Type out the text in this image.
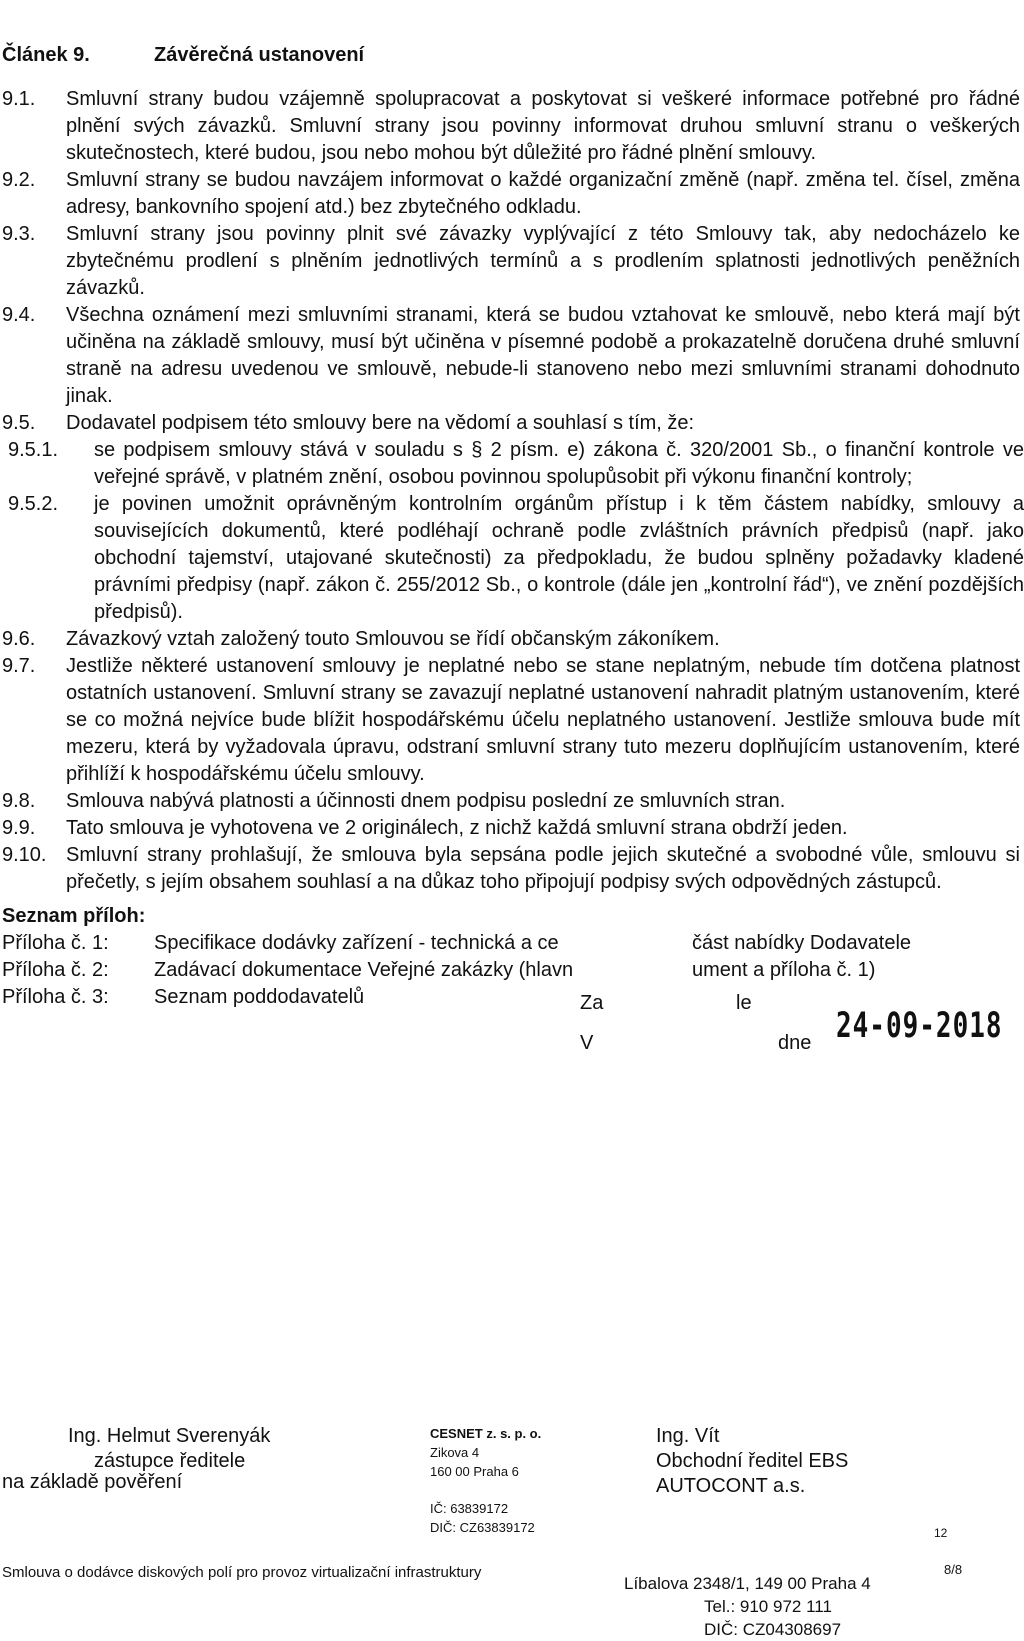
Článek 9.	Závěrečná ustanovení
9.1.	Smluvní strany budou vzájemně spolupracovat a poskytovat si veškeré informace potřebné pro řádné plnění svých závazků. Smluvní strany jsou povinny informovat druhou smluvní stranu o veškerých skutečnostech, které budou, jsou nebo mohou být důležité pro řádné plnění smlouvy.
9.2.	Smluvní strany se budou navzájem informovat o každé organizační změně (např. změna tel. čísel, změna adresy, bankovního spojení atd.) bez zbytečného odkladu.
9.3.	Smluvní strany jsou povinny plnit své závazky vyplývající z této Smlouvy tak, aby nedocházelo ke zbytečnému prodlení s plněním jednotlivých termínů a s prodlením splatnosti jednotlivých peněžních závazků.
9.4.	Všechna oznámení mezi smluvními stranami, která se budou vztahovat ke smlouvě, nebo která mají být učiněna na základě smlouvy, musí být učiněna v písemné podobě a prokazatelně doručena druhé smluvní straně na adresu uvedenou ve smlouvě, nebude-li stanoveno nebo mezi smluvními stranami dohodnuto jinak.
9.5.	Dodavatel podpisem této smlouvy bere na vědomí a souhlasí s tím, že:
9.5.1.	se podpisem smlouvy stává v souladu s § 2 písm. e) zákona č. 320/2001 Sb., o finanční kontrole ve veřejné správě, v platném znění, osobou povinnou spolupůsobit při výkonu finanční kontroly;
9.5.2.	je povinen umožnit oprávněným kontrolním orgánům přístup i k těm částem nabídky, smlouvy a souvisejících dokumentů, které podléhají ochraně podle zvláštních právních předpisů (např. jako obchodní tajemství, utajované skutečnosti) za předpokladu, že budou splněny požadavky kladené právními předpisy (např. zákon č. 255/2012 Sb., o kontrole (dále jen „kontrolní řád“), ve znění pozdějších předpisů).
9.6.	Závazkový vztah založený touto Smlouvou se řídí občanským zákoníkem.
9.7.	Jestliže některé ustanovení smlouvy je neplatné nebo se stane neplatným, nebude tím dotčena platnost ostatních ustanovení. Smluvní strany se zavazují neplatné ustanovení nahradit platným ustanovením, které se co možná nejvíce bude blížit hospodářskému účelu neplatného ustanovení. Jestliže smlouva bude mít mezeru, která by vyžadovala úpravu, odstraní smluvní strany tuto mezeru doplňujícím ustanovením, které přihlíží k hospodářskému účelu smlouvy.
9.8.	Smlouva nabývá platnosti a účinnosti dnem podpisu poslední ze smluvních stran.
9.9.	Tato smlouva je vyhotovena ve 2 originálech, z nichž každá smluvní strana obdrží jeden.
9.10. Smluvní strany prohlašují, že smlouva byla sepsána podle jejich skutečné a svobodné vůle, smlouvu si přečetly, s jejím obsahem souhlasí a na důkaz toho připojují podpisy svých odpovědných zástupců.
Seznam příloh:
Příloha č. 1:	Specifikace dodávky zařízení - technická a ce	část nabídky Dodavatele
Příloha č. 2:	Zadávací dokumentace Veřejné zakázky (hlavn	ument a příloha č. 1)
Příloha č. 3:	Seznam poddodavatelů	Za	le
V	dne 24-09-2018
Ing. Helmut Sverenyák
zástupce ředitele
na základě pověření
CESNET z. s. p. o.
Zikova 4
160 00 Praha 6
IČ: 63839172
DIČ: CZ63839172
Ing. Vít
Obchodní ředitel EBS
AUTOCONT a.s.
12
Smlouva o dodávce diskových polí pro provoz virtualizační infrastruktury	8/8
Líbalova 2348/1, 149 00 Praha 4
Tel.: 910 972 111
DIČ: CZ04308697
